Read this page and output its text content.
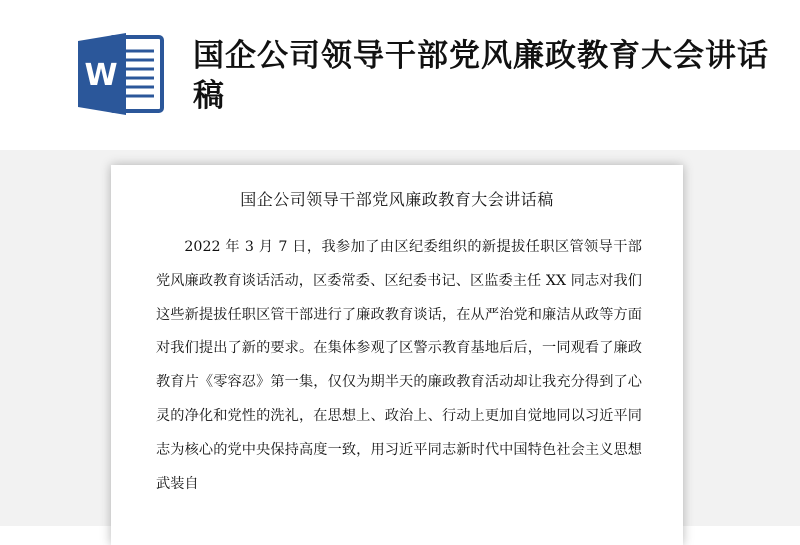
W
国企公司领导干部党风廉政教育大会讲话稿
国企公司领导干部党风廉政教育大会讲话稿

2022 年 3 月 7 日，我参加了由区纪委组织的新提拔任职区管领导干部党风廉政教育谈话活动，区委常委、区纪委书记、区监委主任 XX 同志对我们这些新提拔任职区管干部进行了廉政教育谈话，在从严治党和廉洁从政等方面对我们提出了新的要求。在集体参观了区警示教育基地后后，一同观看了廉政教育片《零容忍》第一集，仅仅为期半天的廉政教育活动却让我充分得到了心灵的净化和党性的洗礼，在思想上、政治上、行动上更加自觉地同以习近平同志为核心的党中央保持高度一致，用习近平同志新时代中国特色社会主义思想武装自
